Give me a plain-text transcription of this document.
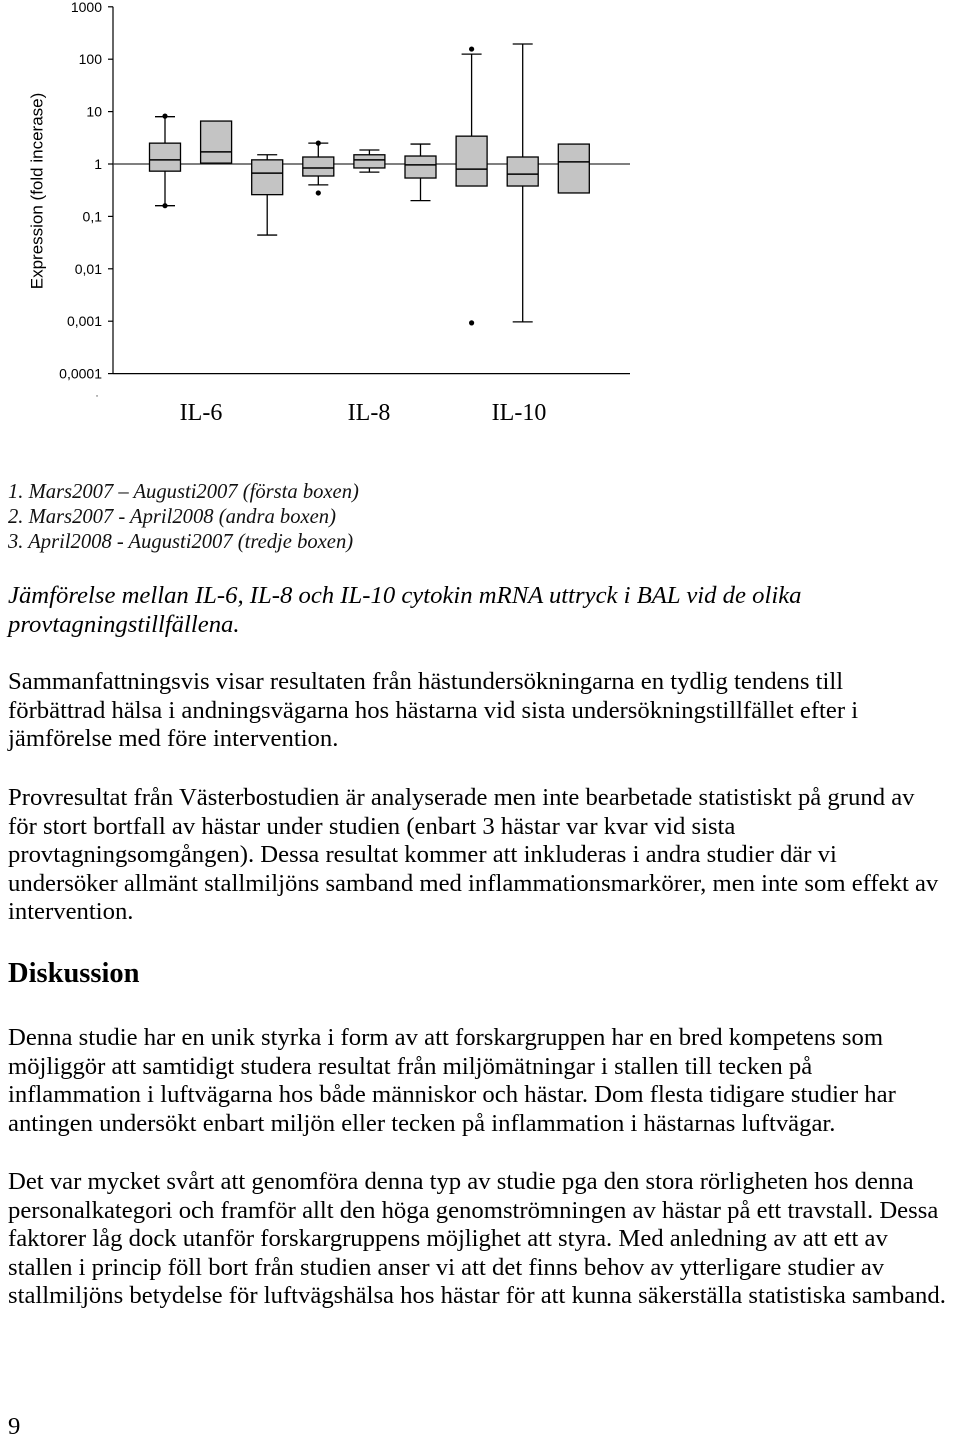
Expression (fold incerase)
1000
100
10
1
0,1
0,01
0,001
0,0001
IL-6	IL-8	IL-10
.
1. Mars2007 – Augusti2007 (första boxen)
2. Mars2007 - April2008 (andra boxen)
3. April2008 - Augusti2007 (tredje boxen)
Jämförelse mellan IL-6, IL-8 och IL-10 cytokin mRNA uttryck i BAL vid de olika
provtagningstillfällena.
Sammanfattningsvis visar resultaten från hästundersökningarna en tydlig tendens till
förbättrad hälsa i andningsvägarna hos hästarna vid sista undersökningstillfället efter i
jämförelse med före intervention.
Provresultat från Västerbostudien är analyserade men inte bearbetade statistiskt på grund av
för stort bortfall av hästar under studien (enbart 3 hästar var kvar vid sista
provtagningsomgången). Dessa resultat kommer att inkluderas i andra studier där vi
undersöker allmänt stallmiljöns samband med inflammationsmarkörer, men inte som effekt av
intervention.
Diskussion
Denna studie har en unik styrka i form av att forskargruppen har en bred kompetens som
möjliggör att samtidigt studera resultat från miljömätningar i stallen till tecken på
inflammation i luftvägarna hos både människor och hästar. Dom flesta tidigare studier har
antingen undersökt enbart miljön eller tecken på inflammation i hästarnas luftvägar.
Det var mycket svårt att genomföra denna typ av studie pga den stora rörligheten hos denna
personalkategori och framför allt den höga genomströmningen av hästar på ett travstall. Dessa
faktorer låg dock utanför forskargruppens möjlighet att styra. Med anledning av att ett av
stallen i princip föll bort från studien anser vi att det finns behov av ytterligare studier av
stallmiljöns betydelse för luftvägshälsa hos hästar för att kunna säkerställa statistiska samband.
9
